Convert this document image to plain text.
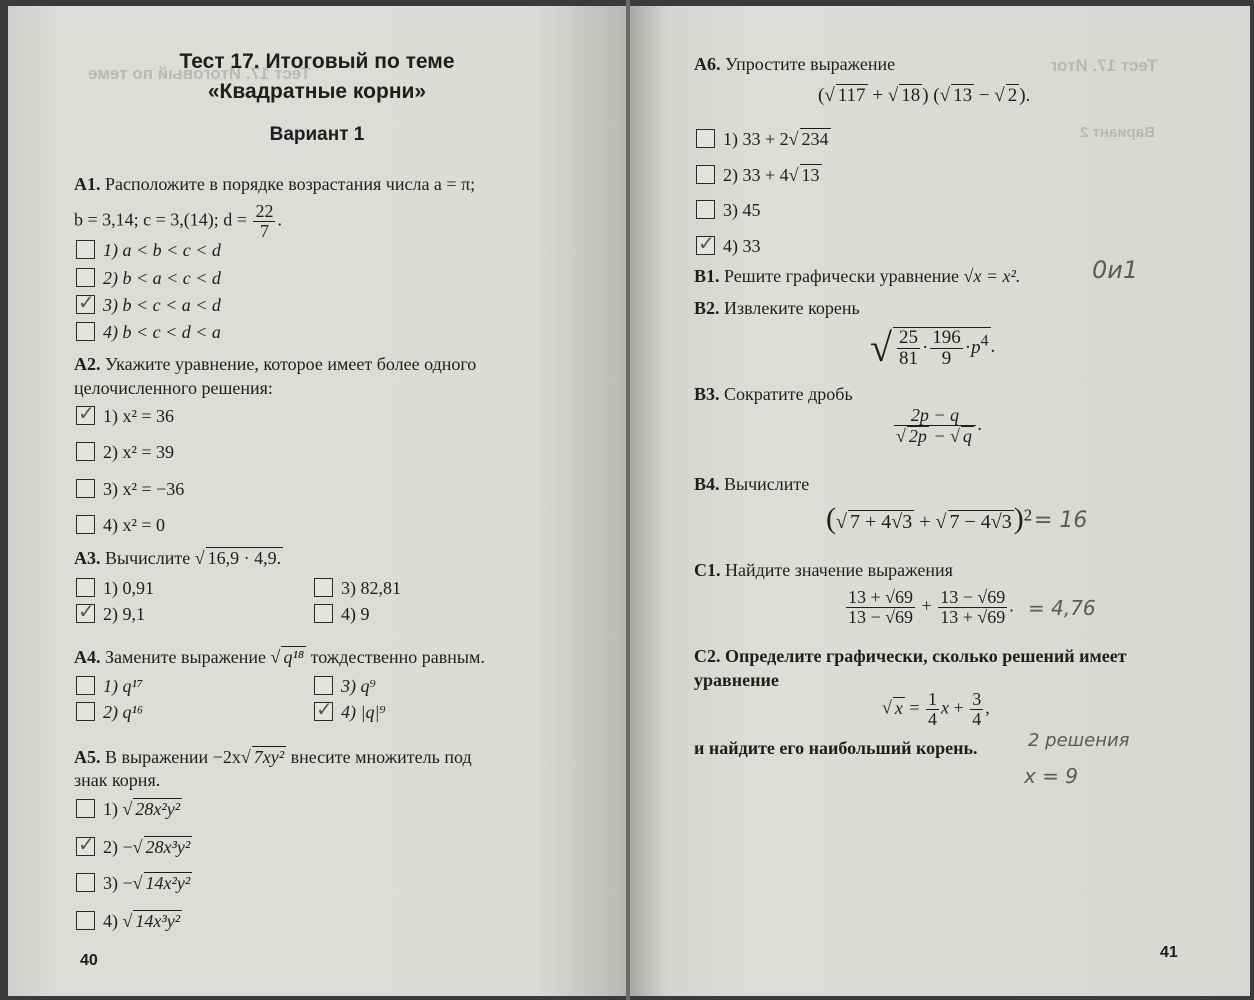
Тест 17. Итоговый по теме
Тест 17. Итоговый по теме
«Квадратные корни»
Вариант 1
А1. Расположите в порядке возрастания числа a = π;
b = 3,14; c = 3,(14); $d = \frac{22}{7}$ .
1) a < b < c < d
2) b < a < c < d
✓3) b < c < a < d
4) b < c < d < a
А2. Укажите уравнение, которое имеет более одного
целочисленного решения:
✓1) x² = 36
2) x² = 39
3) x² = −36
4) x² = 0
А3. Вычислите √ 16,9 · 4,9.
1) 0,91
✓2) 9,1
3) 82,81
4) 9
А4. Замените выражение √ q¹⁸ тождественно равным.
1) q¹⁷
2) q¹⁶
3) q⁹
✓4) |q|⁹
А5. В выражении −2x√ 7xy² внесите множитель под
знак корня.
1) √ 28x²y²
✓2) −√ 28x³y²
3) −√ 14x²y²
4) √ 14x³y²
40
Тест 17. Итог
Вариант 2
А6. Упростите выражение
(√ 117 + √ 18 ) (√ 13 − √ 2 ).
1) 33 + 2√ 234
2) 33 + 4√ 13
3) 45
✓4) 33
В1. Решите графически уравнение √x = x².	0и1
В2. Извлеките корень
√ $\frac{25}{81} \cdot \frac{196}{9} \cdot p^4$ .
В3. Сократите дробь
$\frac{2p - q}{√ 2p - √ q}$ .
В4. Вычислите
(√ 7 + 4√3 + √ 7 − 4√3)$^2$ = 16
С1. Найдите значение выражения
$\frac{13 + √69}{13 - √69} + \frac{13 - √69}{13 + √69}$ . = 4,76
С2. Определите графически, сколько решений имеет
уравнение
√ $x = \frac{1}{4}$ $x + \frac{3}{4}$ ,
и найдите его наибольший корень.	2 решения
x = 9
41
